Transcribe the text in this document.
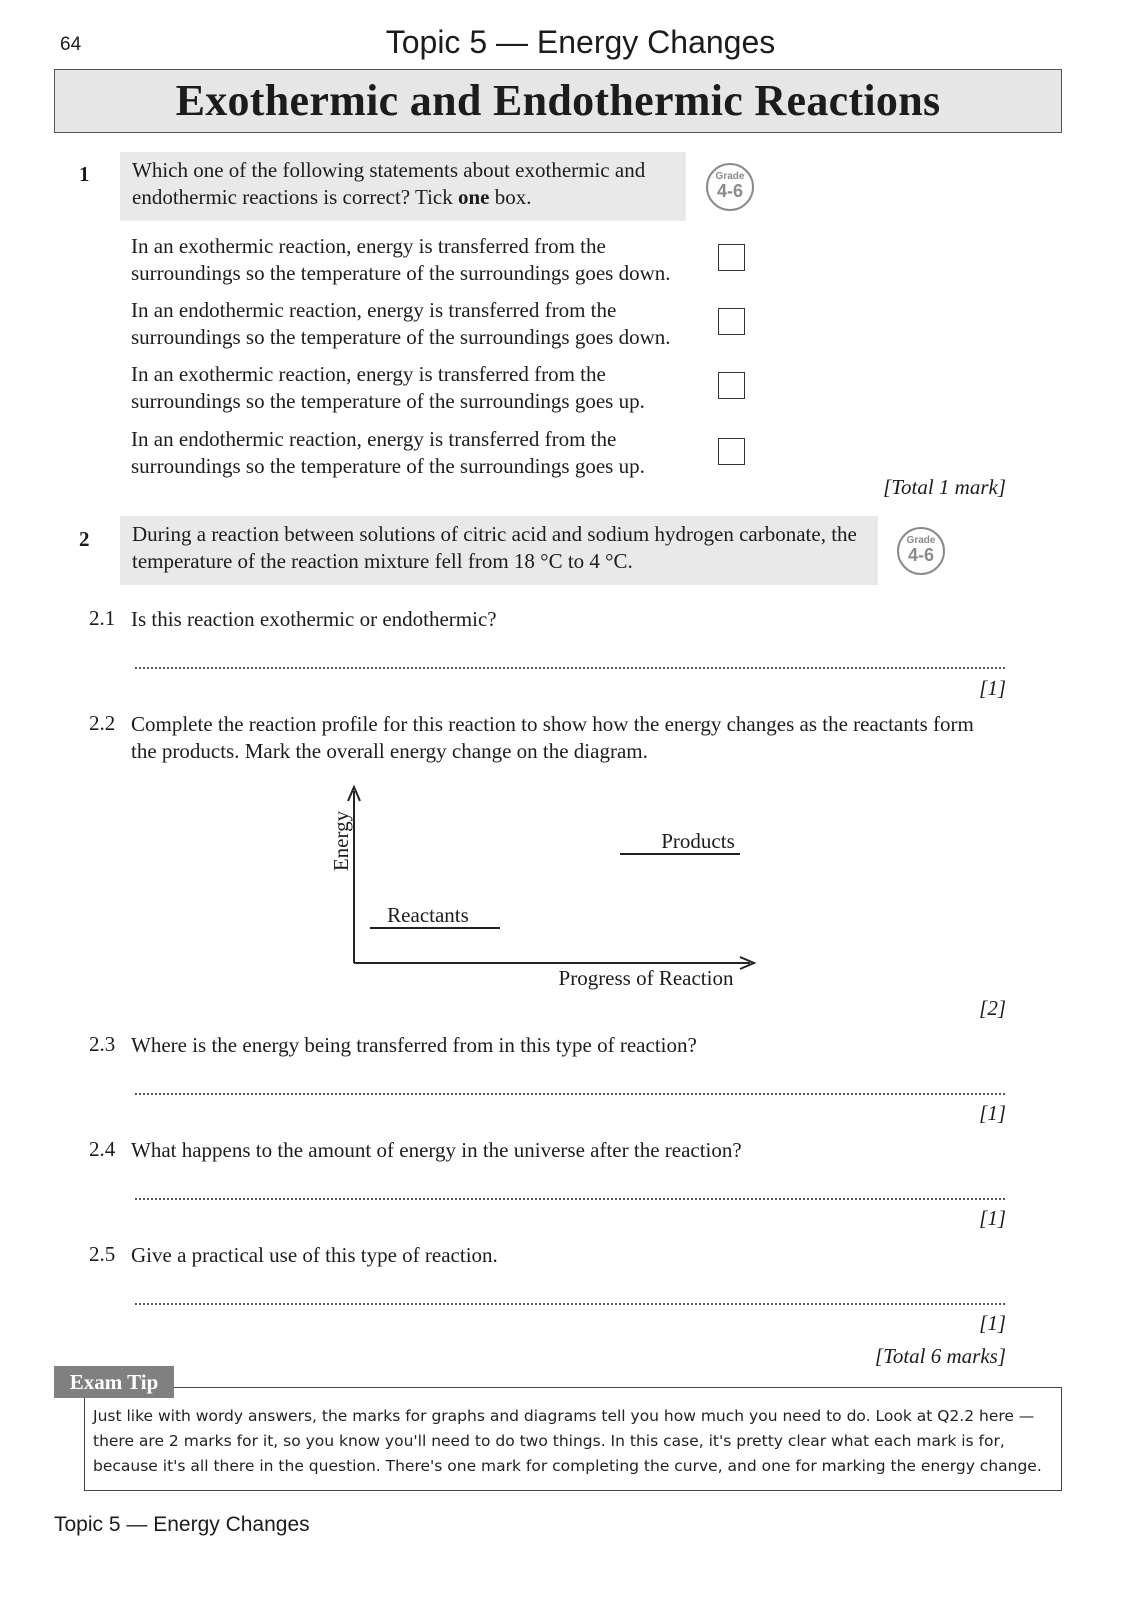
64	Topic 5 — Energy Changes
Exothermic and Endothermic Reactions
1	Which one of the following statements about exothermic and endothermic reactions is correct? Tick one box.
Grade
4-6
In an exothermic reaction, energy is transferred from the surroundings so the temperature of the surroundings goes down.
In an endothermic reaction, energy is transferred from the surroundings so the temperature of the surroundings goes down.
In an exothermic reaction, energy is transferred from the surroundings so the temperature of the surroundings goes up.
In an endothermic reaction, energy is transferred from the surroundings so the temperature of the surroundings goes up.
[Total 1 mark]
2	During a reaction between solutions of citric acid and sodium hydrogen carbonate, the temperature of the reaction mixture fell from 18 °C to 4 °C.
Grade
4-6
2.1 Is this reaction exothermic or endothermic?
[1]
2.2 Complete the reaction profile for this reaction to show how the energy changes as the reactants form the products. Mark the overall energy change on the diagram.
Energy
Reactants
Products
Progress of Reaction
[2]
2.3 Where is the energy being transferred from in this type of reaction?
[1]
2.4 What happens to the amount of energy in the universe after the reaction?
[1]
2.5 Give a practical use of this type of reaction.
[1]
[Total 6 marks]
Just like with wordy answers, the marks for graphs and diagrams tell you how much you need to do. Look at Q2.2 here — there are 2 marks for it, so you know you'll need to do two things. In this case, it's pretty clear what each mark is for, because it's all there in the question. There's one mark for completing the curve, and one for marking the energy change.
Exam Tip
Topic 5 — Energy Changes
